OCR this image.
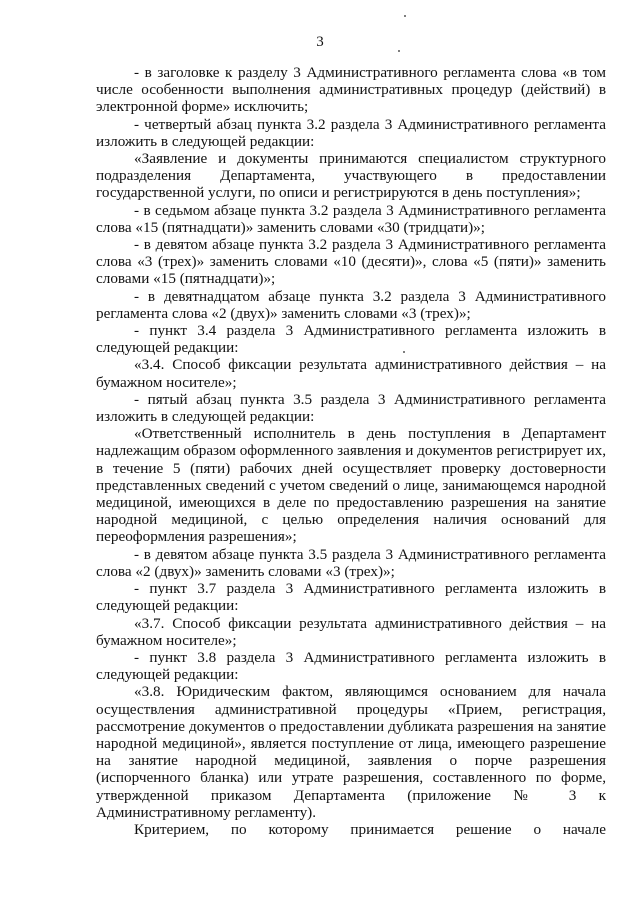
3

- в заголовке к разделу 3 Административного регламента слова «в том числе особенности выполнения административных процедур (действий) в электронной форме» исключить;

- четвертый абзац пункта 3.2 раздела 3 Административного регламента изложить в следующей редакции:

«Заявление и документы принимаются специалистом структурного подразделения Департамента, участвующего в предоставлении государственной услуги, по описи и регистрируются в день поступления»;

- в седьмом абзаце пункта 3.2 раздела 3 Административного регламента слова «15 (пятнадцати)» заменить словами «30 (тридцати)»;

- в девятом абзаце пункта 3.2 раздела 3 Административного регламента слова «3 (трех)» заменить словами «10 (десяти)», слова «5 (пяти)» заменить словами «15 (пятнадцати)»;

- в девятнадцатом абзаце пункта 3.2 раздела 3 Административного регламента слова «2 (двух)» заменить словами «3 (трех)»;

- пункт 3.4 раздела 3 Административного регламента изложить в следующей редакции:

«3.4. Способ фиксации результата административного действия – на бумажном носителе»;

- пятый абзац пункта 3.5 раздела 3 Административного регламента изложить в следующей редакции:

«Ответственный исполнитель в день поступления в Департамент надлежащим образом оформленного заявления и документов регистрирует их, в течение 5 (пяти) рабочих дней осуществляет проверку достоверности представленных сведений с учетом сведений о лице, занимающемся народной медициной, имеющихся в деле по предоставлению разрешения на занятие народной медициной, с целью определения наличия оснований для переоформления разрешения»;

- в девятом абзаце пункта 3.5 раздела 3 Административного регламента слова «2 (двух)» заменить словами «3 (трех)»;

- пункт 3.7 раздела 3 Административного регламента изложить в следующей редакции:

«3.7. Способ фиксации результата административного действия – на бумажном носителе»;

- пункт 3.8 раздела 3 Административного регламента изложить в следующей редакции:

«3.8. Юридическим фактом, являющимся основанием для начала осуществления административной процедуры «Прием, регистрация, рассмотрение документов о предоставлении дубликата разрешения на занятие народной медициной», является поступление от лица, имеющего разрешение на занятие народной медициной, заявления о порче разрешения (испорченного бланка) или утрате разрешения, составленного по форме, утвержденной приказом Департамента (приложение № 3 к Административному регламенту).

Критерием, по которому принимается решение о начале
